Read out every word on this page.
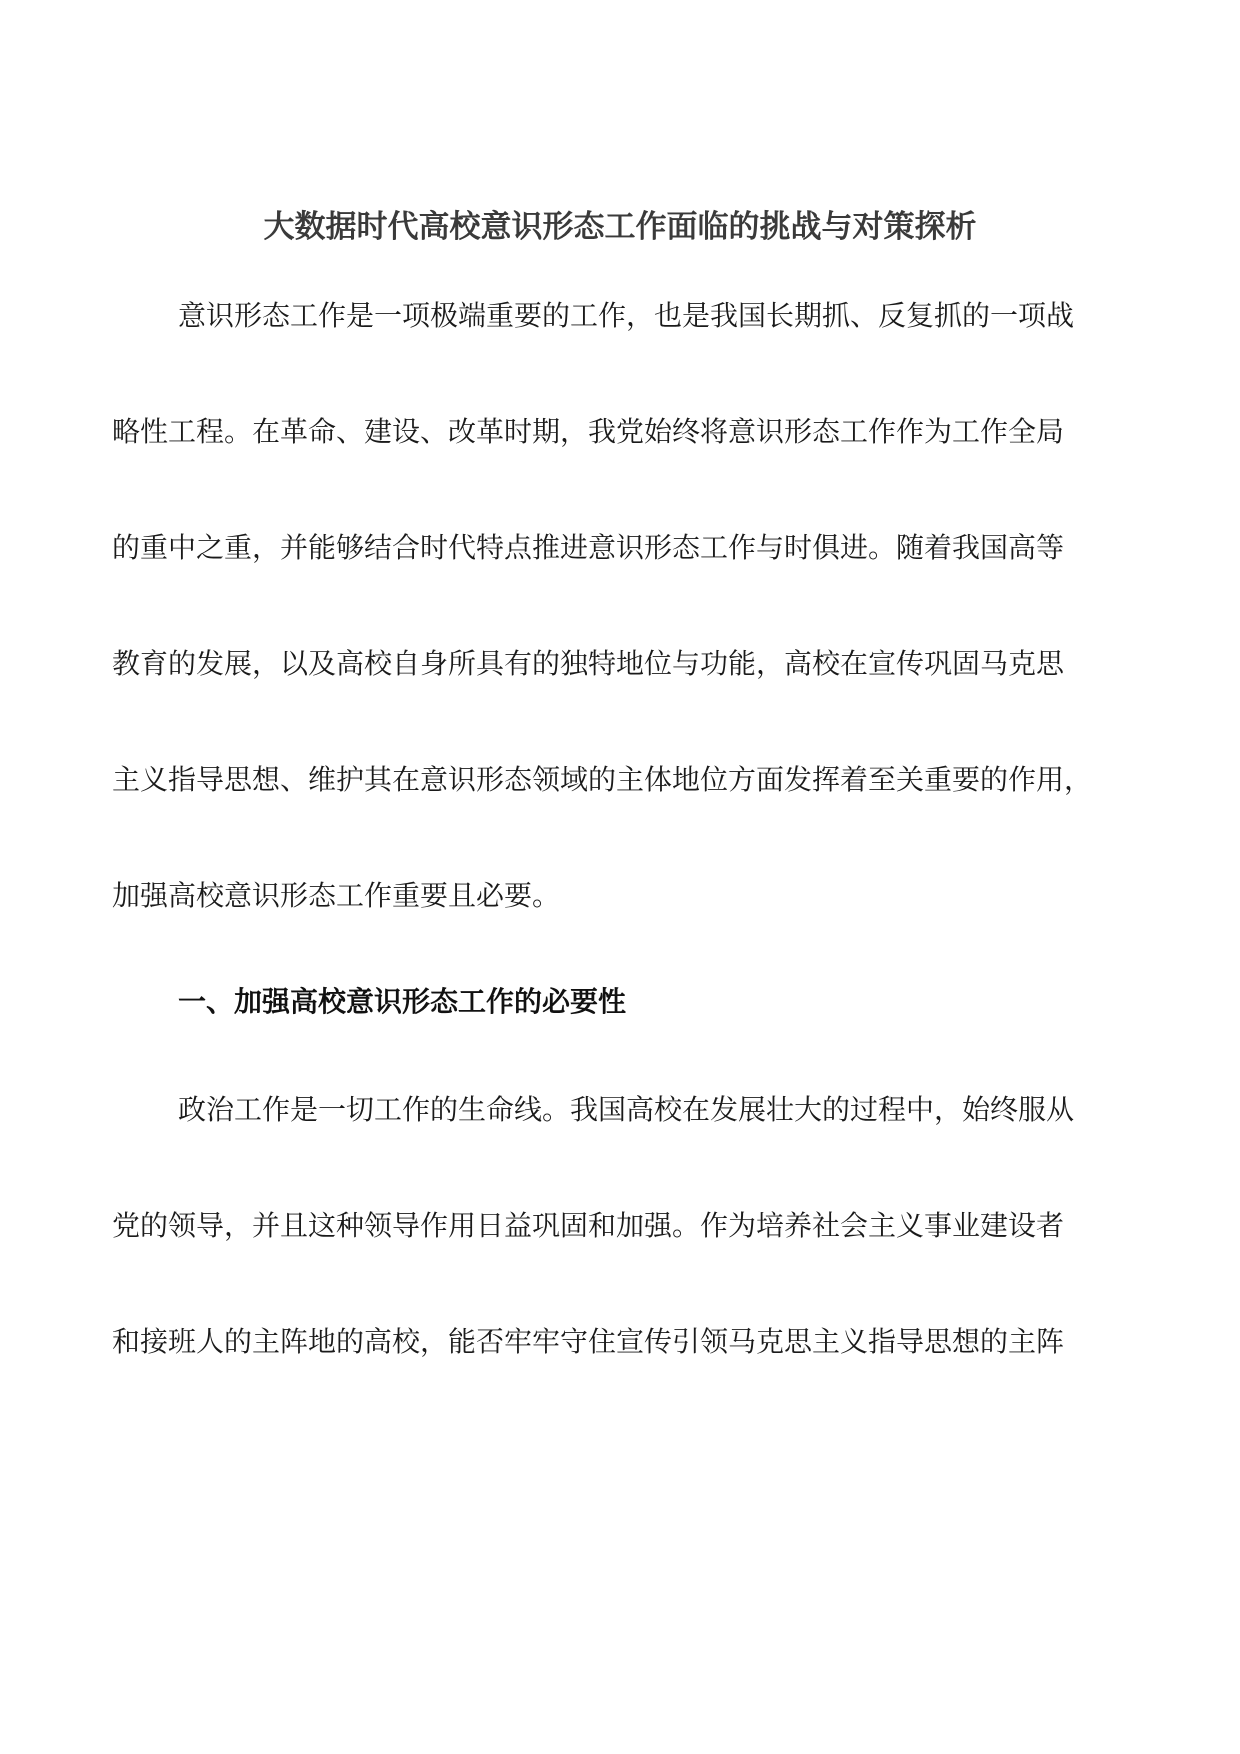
大数据时代高校意识形态工作面临的挑战与对策探析

意识形态工作是一项极端重要的工作，也是我国长期抓、反复抓的一项战

略性工程。在革命、建设、改革时期，我党始终将意识形态工作作为工作全局

的重中之重，并能够结合时代特点推进意识形态工作与时俱进。随着我国高等

教育的发展，以及高校自身所具有的独特地位与功能，高校在宣传巩固马克思

主义指导思想、维护其在意识形态领域的主体地位方面发挥着至关重要的作用，

加强高校意识形态工作重要且必要。

一、加强高校意识形态工作的必要性

政治工作是一切工作的生命线。我国高校在发展壮大的过程中，始终服从

党的领导，并且这种领导作用日益巩固和加强。作为培养社会主义事业建设者

和接班人的主阵地的高校，能否牢牢守住宣传引领马克思主义指导思想的主阵
